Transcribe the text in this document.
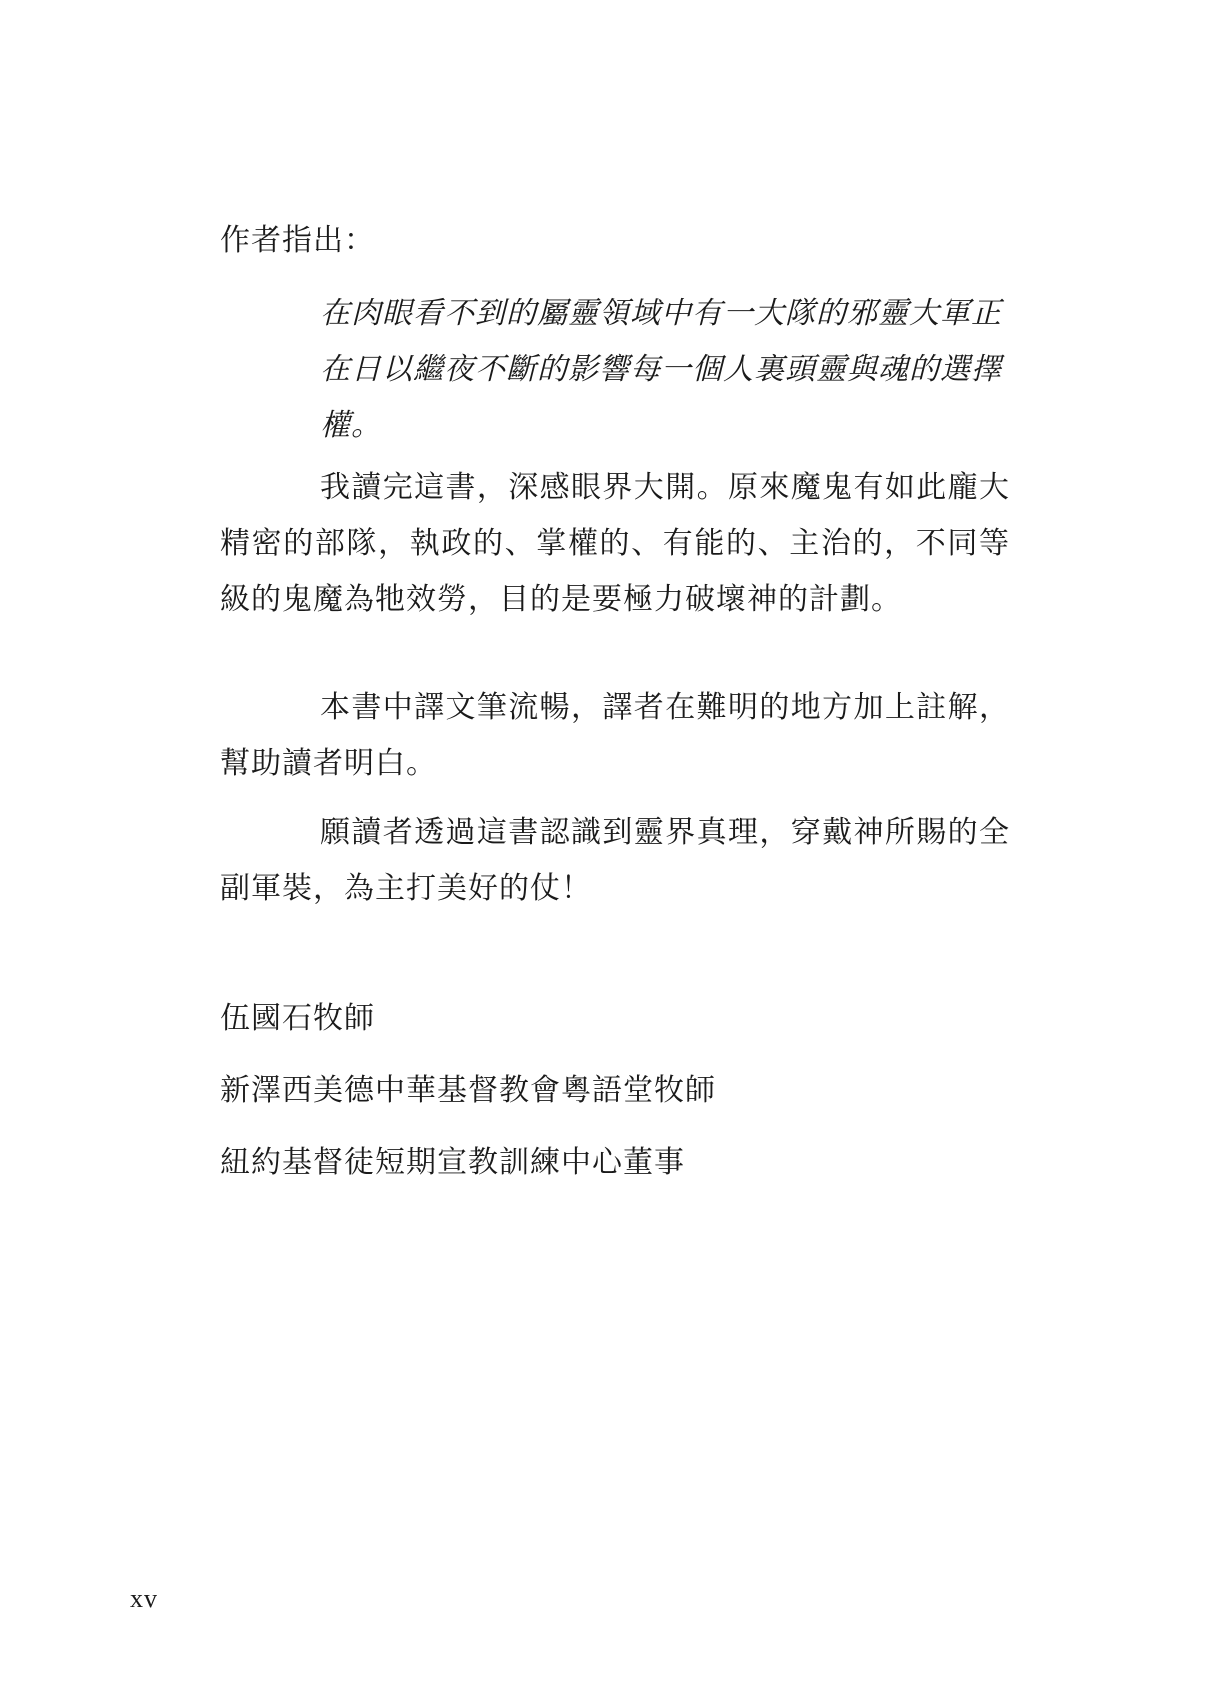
作者指出：
在肉眼看不到的屬靈領域中有一大隊的邪靈大軍正在日以繼夜不斷的影響每一個人裏頭靈與魂的選擇權。

我讀完這書，深感眼界大開。原來魔鬼有如此龐大精密的部隊，執政的、掌權的、有能的、主治的，不同等級的鬼魔為牠效勞，目的是要極力破壞神的計劃。

本書中譯文筆流暢，譯者在難明的地方加上註解，幫助讀者明白。

願讀者透過這書認識到靈界真理，穿戴神所賜的全副軍裝，為主打美好的仗！

伍國石牧師
新澤西美德中華基督教會粵語堂牧師
紐約基督徒短期宣教訓練中心董事
xv
